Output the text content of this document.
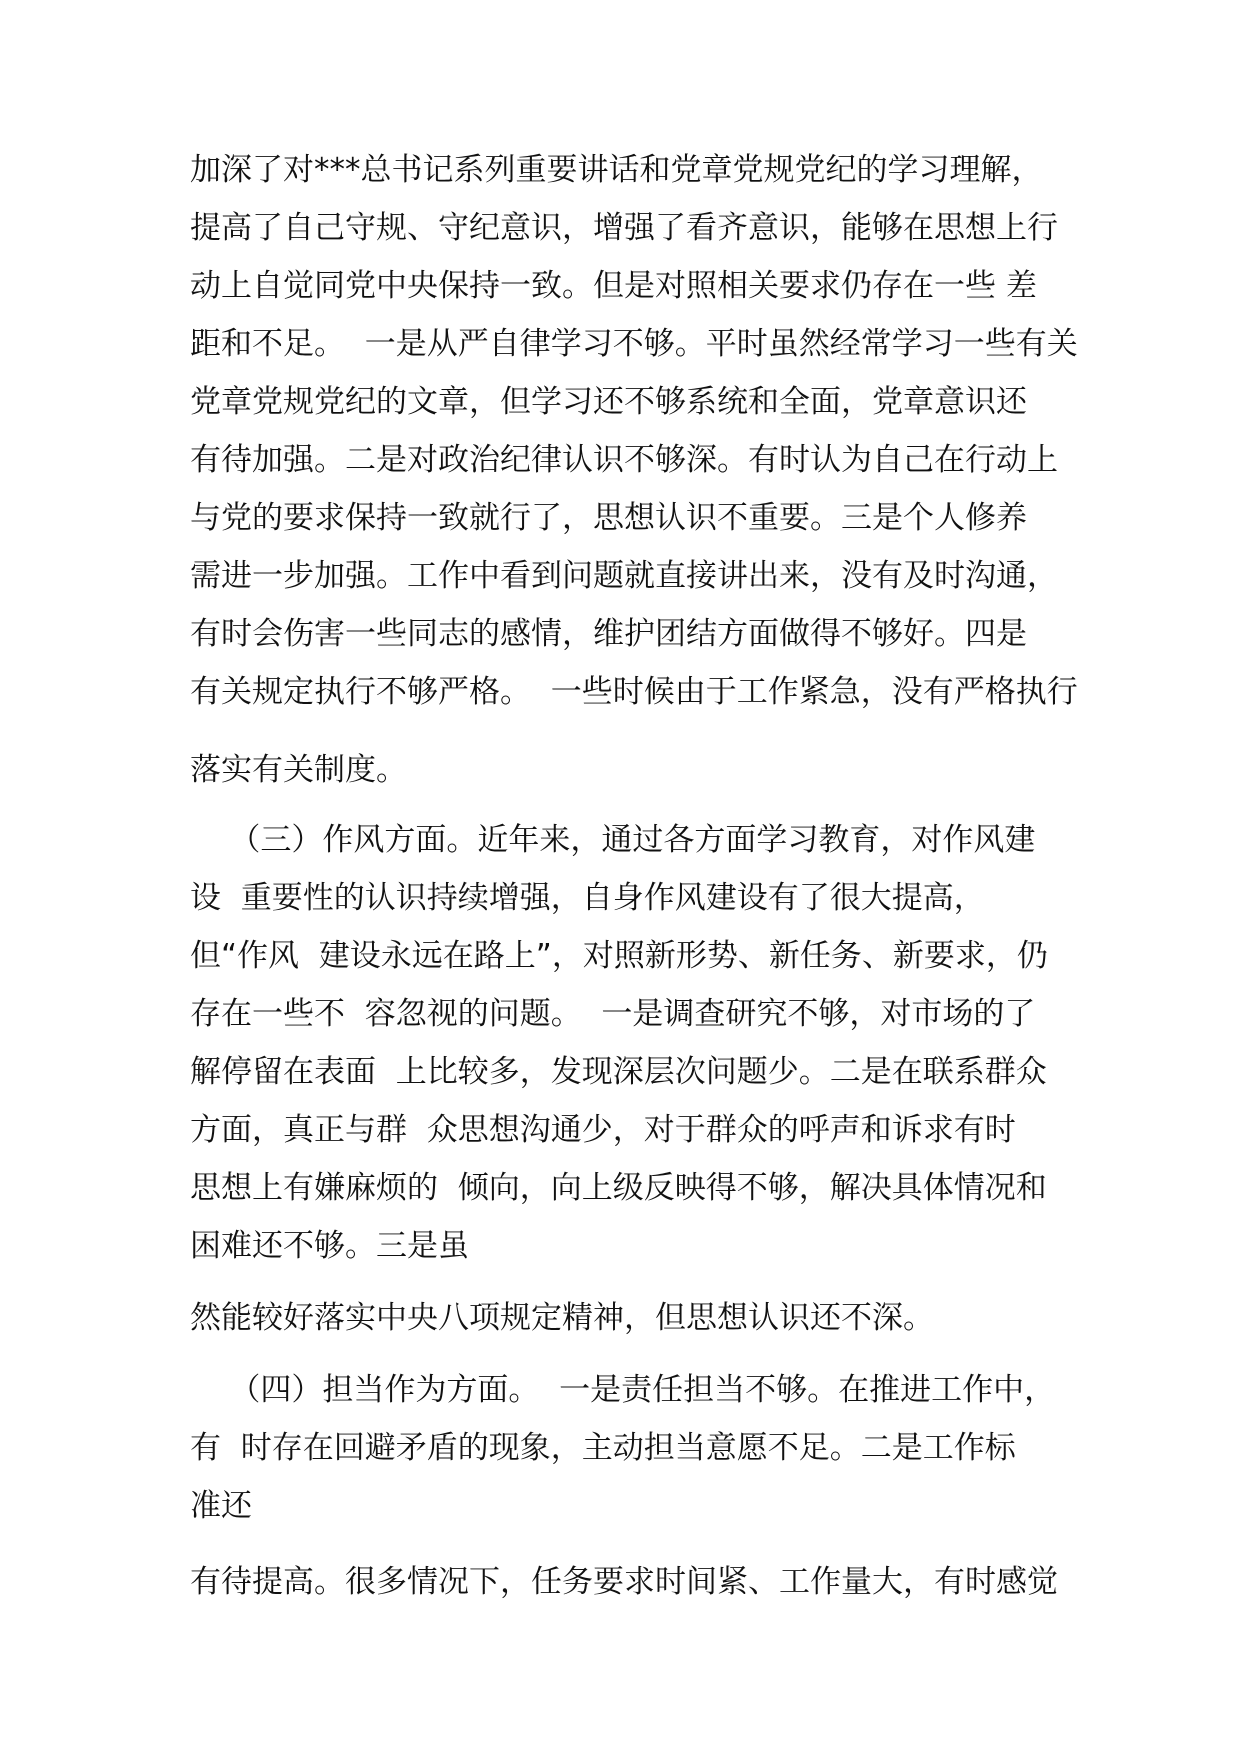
加深了对***总书记系列重要讲话和党章党规党纪的学习理解，
提高了自己守规、守纪意识，增强了看齐意识，能够在思想上行
动上自觉同党中央保持一致。但是对照相关要求仍存在一些 差
距和不足。  一是从严自律学习不够。平时虽然经常学习一些有关
党章党规党纪的文章，但学习还不够系统和全面，党章意识还
有待加强。二是对政治纪律认识不够深。有时认为自己在行动上
与党的要求保持一致就行了，思想认识不重要。三是个人修养
需进一步加强。工作中看到问题就直接讲出来，没有及时沟通，
有时会伤害一些同志的感情，维护团结方面做得不够好。四是
有关规定执行不够严格。  一些时候由于工作紧急，没有严格执行
落实有关制度。
（三）作风方面。近年来，通过各方面学习教育，对作风建
设  重要性的认识持续增强，自身作风建设有了很大提高，
但“作风  建设永远在路上”，对照新形势、新任务、新要求，仍
存在一些不  容忽视的问题。  一是调查研究不够，对市场的了
解停留在表面  上比较多，发现深层次问题少。二是在联系群众
方面，真正与群  众思想沟通少，对于群众的呼声和诉求有时
思想上有嫌麻烦的  倾向，向上级反映得不够，解决具体情况和
困难还不够。三是虽
然能较好落实中央八项规定精神，但思想认识还不深。
（四）担当作为方面。  一是责任担当不够。在推进工作中，
有  时存在回避矛盾的现象，主动担当意愿不足。二是工作标
准还
有待提高。很多情况下，任务要求时间紧、工作量大，有时感觉
